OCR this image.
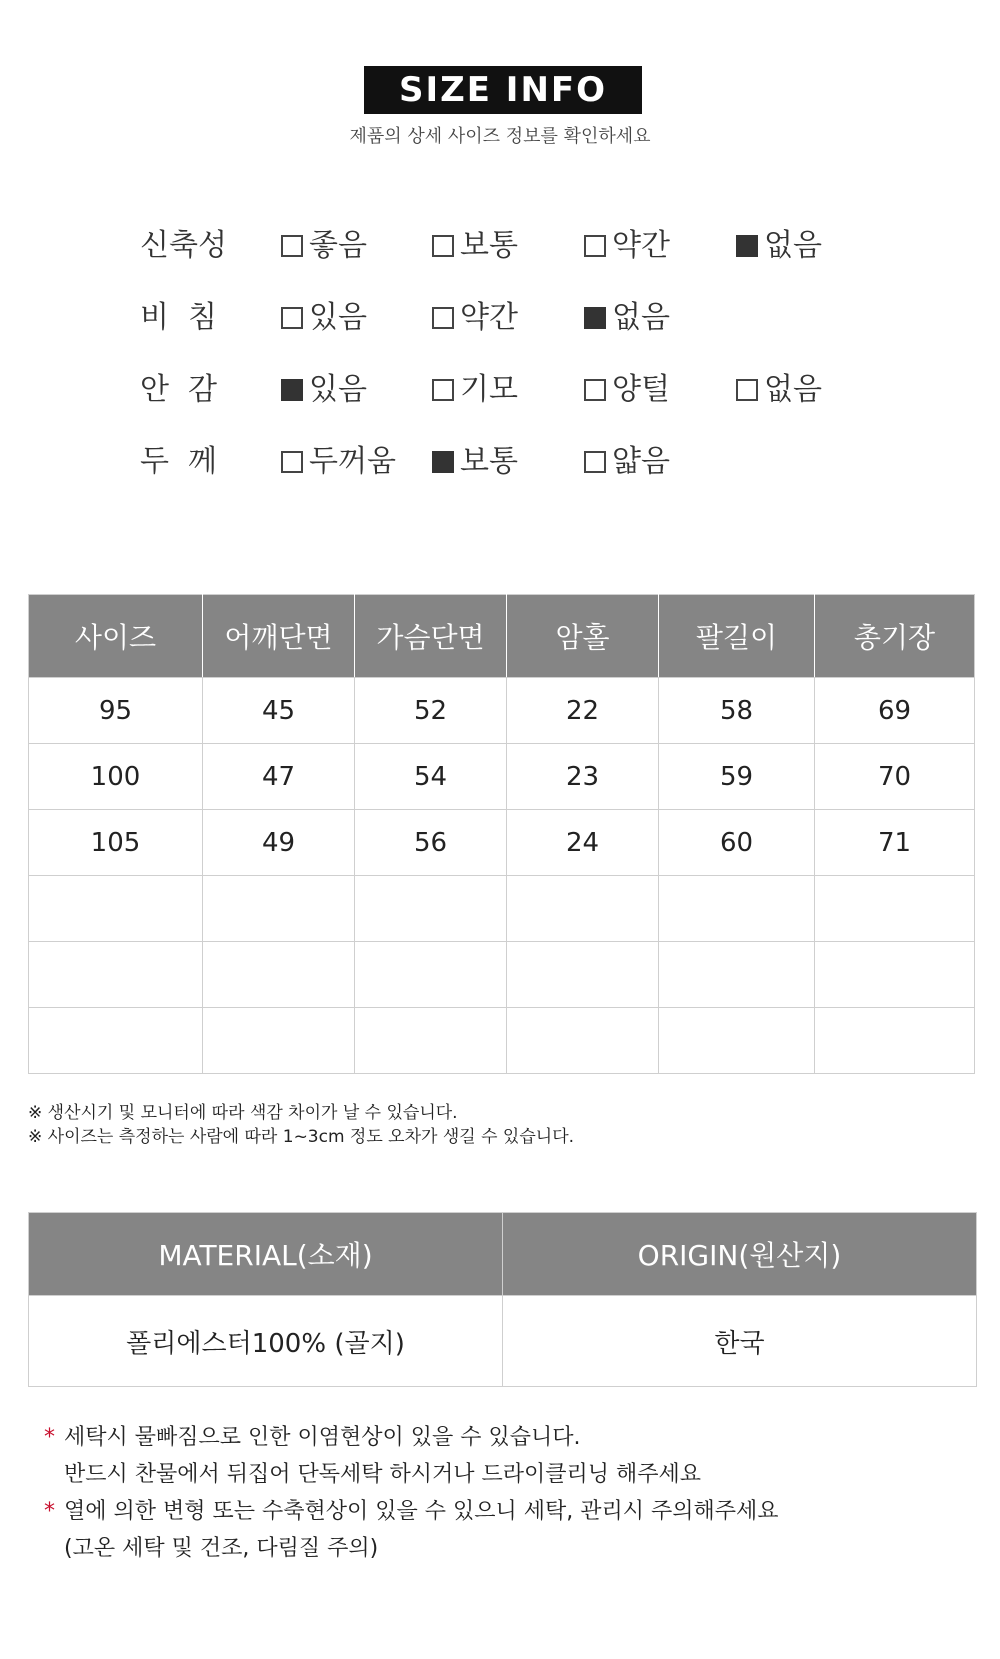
SIZE INFO
제품의 상세 사이즈 정보를 확인하세요
신축성	좋음	보통	약간	없음
비  침	있음	약간	없음
안  감	있음	기모	양털	없음
두  께	두꺼움	보통	얇음
사이즈	어깨단면	가슴단면	암홀	팔길이	총기장
95	45	52	22	58	69
100	47	54	23	59	70
105	49	56	24	60	71

※ 생산시기 및 모니터에 따라 색감 차이가 날 수 있습니다.
※ 사이즈는 측정하는 사람에 따라 1~3cm 정도 오차가 생길 수 있습니다.
MATERIAL(소재)	ORIGIN(원산지)
폴리에스터100% (골지)	한국
* 세탁시 물빠짐으로 인한 이염현상이 있을 수 있습니다.
반드시 찬물에서 뒤집어 단독세탁 하시거나 드라이클리닝 해주세요
* 열에 의한 변형 또는 수축현상이 있을 수 있으니 세탁, 관리시 주의해주세요
(고온 세탁 및 건조, 다림질 주의)
